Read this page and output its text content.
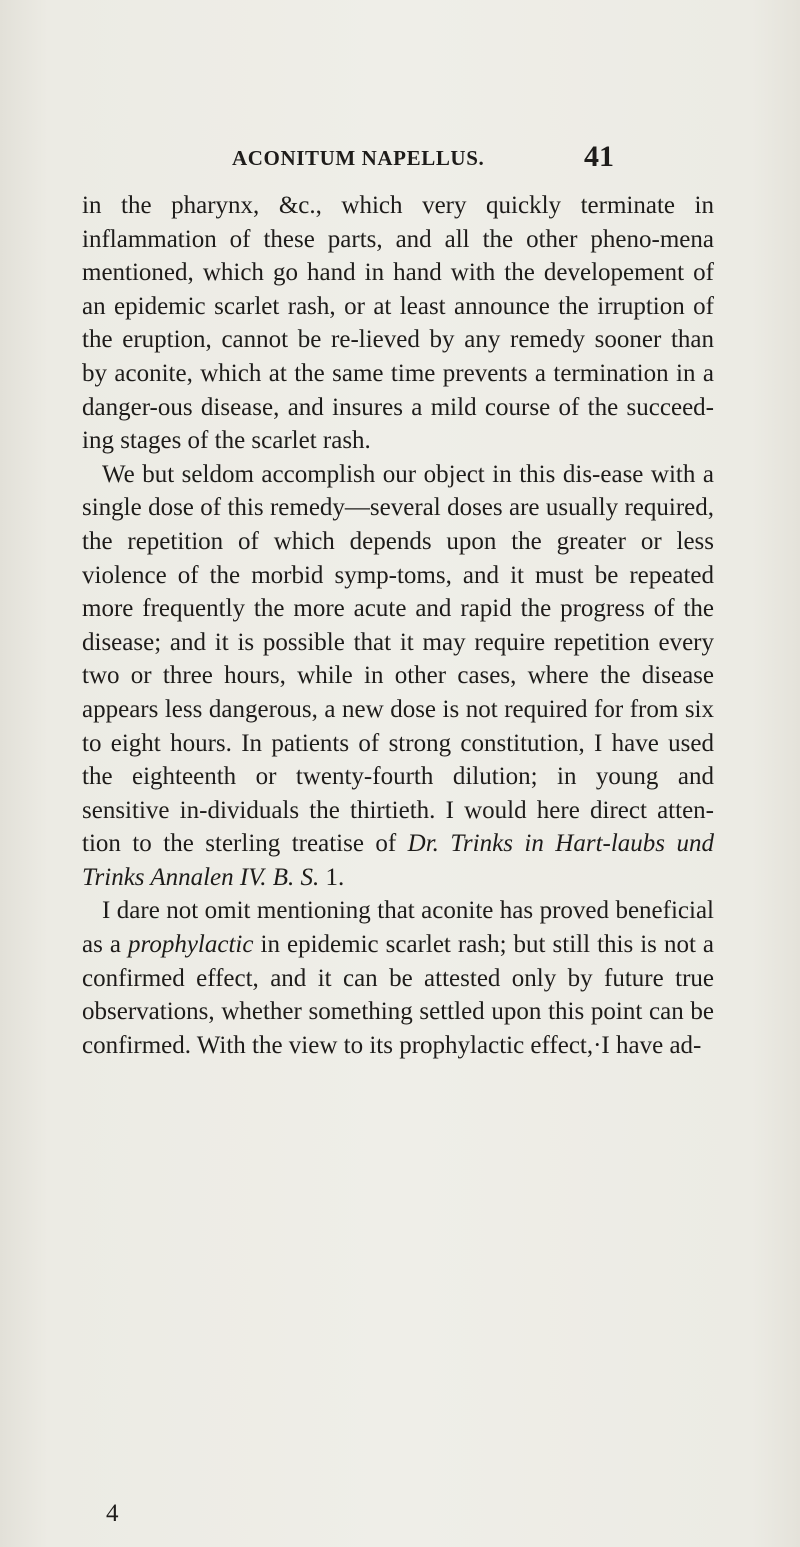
ACONITUM NAPELLUS.	41

in the pharynx, &c., which very quickly terminate in inflammation of these parts, and all the other pheno-mena mentioned, which go hand in hand with the developement of an epidemic scarlet rash, or at least announce the irruption of the eruption, cannot be re-lieved by any remedy sooner than by aconite, which at the same time prevents a termination in a danger-ous disease, and insures a mild course of the succeed-ing stages of the scarlet rash.

We but seldom accomplish our object in this dis-ease with a single dose of this remedy—several doses are usually required, the repetition of which depends upon the greater or less violence of the morbid symp-toms, and it must be repeated more frequently the more acute and rapid the progress of the disease; and it is possible that it may require repetition every two or three hours, while in other cases, where the disease appears less dangerous, a new dose is not required for from six to eight hours. In patients of strong constitution, I have used the eighteenth or twenty-fourth dilution; in young and sensitive in-dividuals the thirtieth. I would here direct atten-tion to the sterling treatise of Dr. Trinks in Hart-laubs und Trinks Annalen IV. B. S. 1.

I dare not omit mentioning that aconite has proved beneficial as a prophylactic in epidemic scarlet rash; but still this is not a confirmed effect, and it can be attested only by future true observations, whether something settled upon this point can be confirmed. With the view to its prophylactic effect,·I have ad-

4
